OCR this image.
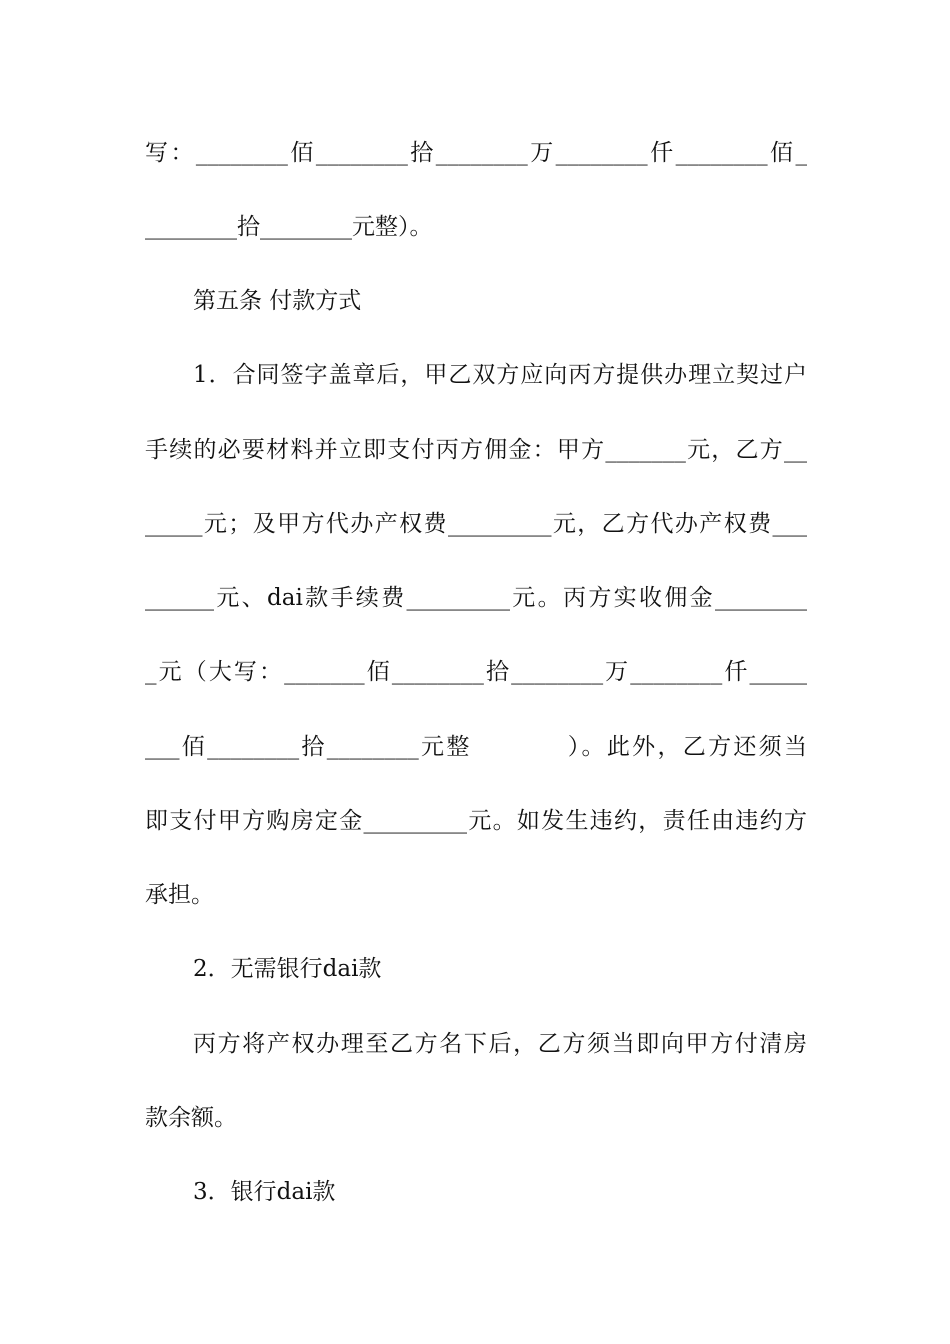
写：________佰________拾________万________仟________佰_
________拾________元整）。
第五条 付款方式
1．合同签字盖章后，甲乙双方应向丙方提供办理立契过户
手续的必要材料并立即支付丙方佣金：甲方_______元，乙方__
_____元；及甲方代办产权费_________元，乙方代办产权费___
______元、dai款手续费_________元。丙方实收佣金________
_元（大写：_______佰________拾________万________仟_____
___佰________拾________元整          ）。此外，乙方还须当
即支付甲方购房定金_________元。如发生违约，责任由违约方
承担。
2．无需银行dai款
丙方将产权办理至乙方名下后，乙方须当即向甲方付清房
款余额。
3．银行dai款
